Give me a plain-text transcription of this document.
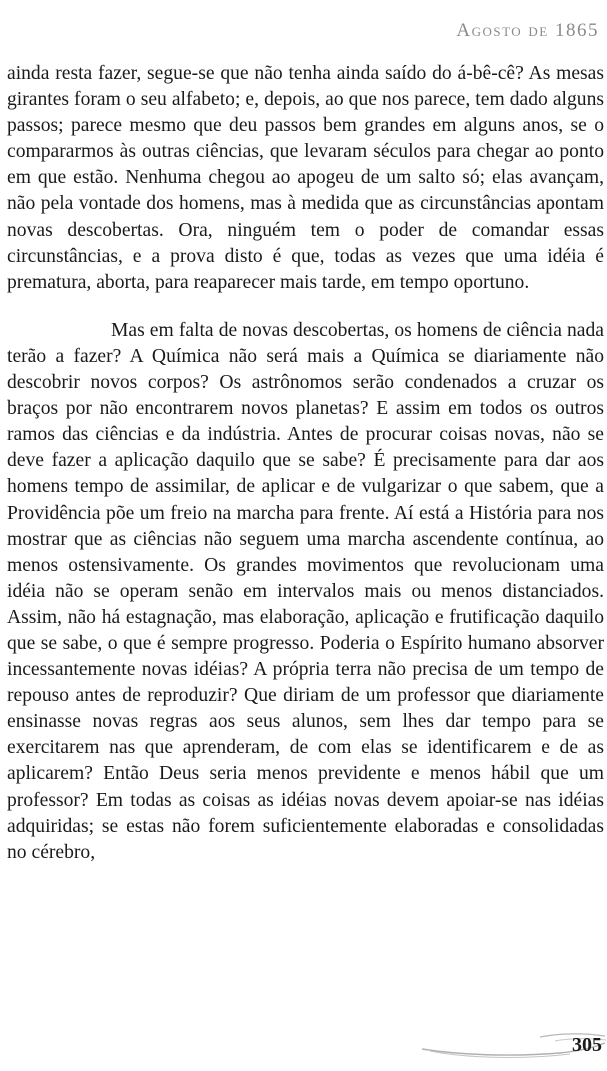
Agosto de 1865

ainda resta fazer, segue-se que não tenha ainda saído do á-bê-cê? As mesas girantes foram o seu alfabeto; e, depois, ao que nos parece, tem dado alguns passos; parece mesmo que deu passos bem grandes em alguns anos, se o compararmos às outras ciências, que levaram séculos para chegar ao ponto em que estão. Nenhuma chegou ao apogeu de um salto só; elas avançam, não pela vontade dos homens, mas à medida que as circunstâncias apontam novas descobertas. Ora, ninguém tem o poder de comandar essas circunstâncias, e a prova disto é que, todas as vezes que uma idéia é prematura, aborta, para reaparecer mais tarde, em tempo oportuno.

Mas em falta de novas descobertas, os homens de ciência nada terão a fazer? A Química não será mais a Química se diariamente não descobrir novos corpos? Os astrônomos serão condenados a cruzar os braços por não encontrarem novos planetas? E assim em todos os outros ramos das ciências e da indústria. Antes de procurar coisas novas, não se deve fazer a aplicação daquilo que se sabe? É precisamente para dar aos homens tempo de assimilar, de aplicar e de vulgarizar o que sabem, que a Providência põe um freio na marcha para frente. Aí está a História para nos mostrar que as ciências não seguem uma marcha ascendente contínua, ao menos ostensivamente. Os grandes movimentos que revolucionam uma idéia não se operam senão em intervalos mais ou menos distanciados. Assim, não há estagnação, mas elaboração, aplicação e frutificação daquilo que se sabe, o que é sempre progresso. Poderia o Espírito humano absorver incessantemente novas idéias? A própria terra não precisa de um tempo de repouso antes de reproduzir? Que diriam de um professor que diariamente ensinasse novas regras aos seus alunos, sem lhes dar tempo para se exercitarem nas que aprenderam, de com elas se identificarem e de as aplicarem? Então Deus seria menos previdente e menos hábil que um professor? Em todas as coisas as idéias novas devem apoiar-se nas idéias adquiridas; se estas não forem suficientemente elaboradas e consolidadas no cérebro,

305
